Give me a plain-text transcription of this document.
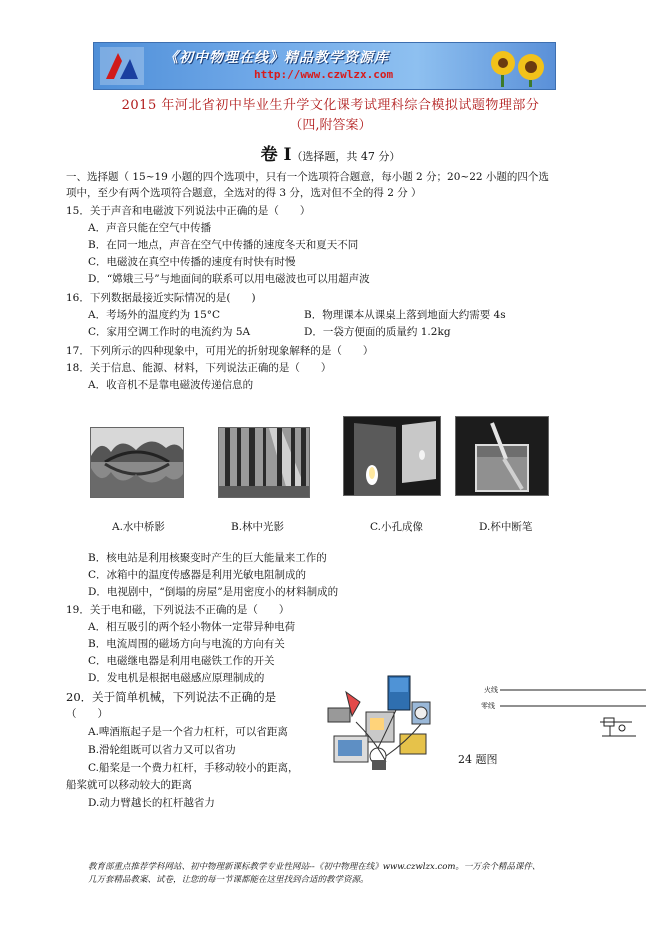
《初中物理在线》精品教学资源库
http://www.czwlzx.com
2015 年河北省初中毕业生升学文化课考试理科综合模拟试题物理部分
（四,附答案）
卷 I（选择题，共 47 分）
一、选择题（ 15~19 小题的四个选项中，只有一个选项符合题意，每小题 2 分；20~22 小题的四个选
项中，至少有两个选项符合题意，全选对的得 3 分，选对但不全的得 2 分 ）
15．关于声音和电磁波下列说法中正确的是（　　）
A．声音只能在空气中传播
B．在同一地点，声音在空气中传播的速度冬天和夏天不同
C．电磁波在真空中传播的速度有时快有时慢
D．“嫦娥三号”与地面间的联系可以用电磁波也可以用超声波
16．下列数据最接近实际情况的是(　　)
A．考场外的温度约为 15°C	B．物理课本从课桌上落到地面大约需要 4s
C．家用空调工作时的电流约为 5A	D．一袋方便面的质量约 1.2kg
17．下列所示的四种现象中，可用光的折射现象解释的是（　　）
18．关于信息、能源、材料，下列说法正确的是（　　）
A．收音机不是靠电磁波传递信息的
A.水中桥影	B.林中光影	C.小孔成像	D.杯中断笔
B．核电站是利用核聚变时产生的巨大能量来工作的
C．冰箱中的温度传感器是利用光敏电阻制成的
D．电视剧中，“倒塌的房屋”是用密度小的材料制成的
19．关于电和磁，下列说法不正确的是（　　）
A．相互吸引的两个轻小物体一定带异种电荷
B．电流周围的磁场方向与电流的方向有关
C．电磁继电器是利用电磁铁工作的开关
D．发电机是根据电磁感应原理制成的
20．关于简单机械，下列说法不正确的是
（　　）
A.啤酒瓶起子是一个省力杠杆，可以省距离
B.滑轮组既可以省力又可以省功
C.船桨是一个费力杠杆，手移动较小的距离，
船桨就可以移动较大的距离
D.动力臂越长的杠杆越省力
火线
零线
24 题图
教育部重点推荐学科网站、初中物理新课标教学专业性网站--《初中物理在线》www.czwlzx.com。一万余个精品课件、
几万套精品教案、试卷，让您的每一节课都能在这里找到合适的教学资源。
